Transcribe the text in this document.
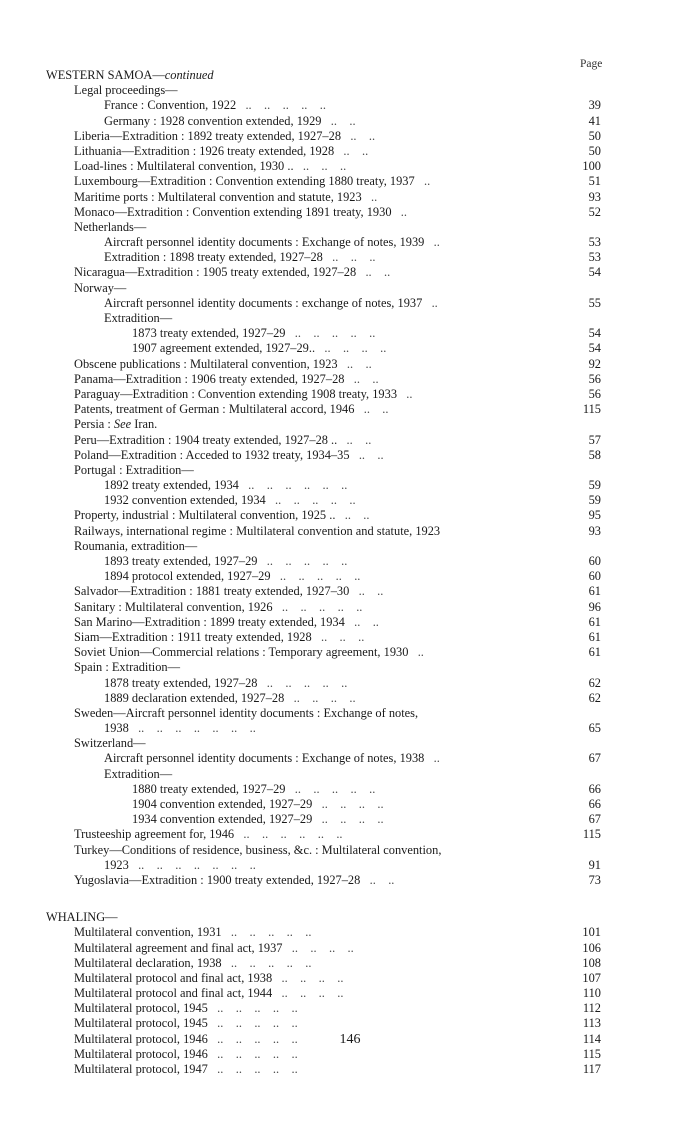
Page
WESTERN SAMOA—continued
Legal proceedings—
France : Convention, 1922   ..    ..    ..    ..    ..	39
Germany : 1928 convention extended, 1929   ..    ..	41
Liberia—Extradition : 1892 treaty extended, 1927–28   ..    ..	50
Lithuania—Extradition : 1926 treaty extended, 1928   ..    ..	50
Load-lines : Multilateral convention, 1930 ..   ..    ..    ..	100
Luxembourg—Extradition : Convention extending 1880 treaty, 1937   ..	51
Maritime ports : Multilateral convention and statute, 1923   ..	93
Monaco—Extradition : Convention extending 1891 treaty, 1930   ..	52
Netherlands—
Aircraft personnel identity documents : Exchange of notes, 1939   ..	53
Extradition : 1898 treaty extended, 1927–28   ..    ..    ..	53
Nicaragua—Extradition : 1905 treaty extended, 1927–28   ..    ..	54
Norway—
Aircraft personnel identity documents : exchange of notes, 1937   ..	55
Extradition—
1873 treaty extended, 1927–29   ..    ..    ..    ..    ..	54
1907 agreement extended, 1927–29..   ..    ..    ..    ..	54
Obscene publications : Multilateral convention, 1923   ..    ..	92
Panama—Extradition : 1906 treaty extended, 1927–28   ..    ..	56
Paraguay—Extradition : Convention extending 1908 treaty, 1933   ..	56
Patents, treatment of German : Multilateral accord, 1946   ..    ..	115
Persia : See Iran.
Peru—Extradition : 1904 treaty extended, 1927–28 ..   ..    ..	57
Poland—Extradition : Acceded to 1932 treaty, 1934–35   ..    ..	58
Portugal : Extradition—
1892 treaty extended, 1934   ..    ..    ..    ..    ..    ..	59
1932 convention extended, 1934   ..    ..    ..    ..    ..	59
Property, industrial : Multilateral convention, 1925 ..   ..    ..	95
Railways, international regime : Multilateral convention and statute, 1923	93
Roumania, extradition—
1893 treaty extended, 1927–29   ..    ..    ..    ..    ..	60
1894 protocol extended, 1927–29   ..    ..    ..    ..    ..	60
Salvador—Extradition : 1881 treaty extended, 1927–30   ..    ..	61
Sanitary : Multilateral convention, 1926   ..    ..    ..    ..    ..	96
San Marino—Extradition : 1899 treaty extended, 1934   ..    ..	61
Siam—Extradition : 1911 treaty extended, 1928   ..    ..    ..	61
Soviet Union—Commercial relations : Temporary agreement, 1930   ..	61
Spain : Extradition—
1878 treaty extended, 1927–28   ..    ..    ..    ..    ..	62
1889 declaration extended, 1927–28   ..    ..    ..    ..	62
Sweden—Aircraft personnel identity documents : Exchange of notes,
1938   ..    ..    ..    ..    ..    ..    ..	65
Switzerland—
Aircraft personnel identity documents : Exchange of notes, 1938   ..	67
Extradition—
1880 treaty extended, 1927–29   ..    ..    ..    ..    ..	66
1904 convention extended, 1927–29   ..    ..    ..    ..	66
1934 convention extended, 1927–29   ..    ..    ..    ..	67
Trusteeship agreement for, 1946   ..    ..    ..    ..    ..    ..	115
Turkey—Conditions of residence, business, &c. : Multilateral convention,
1923   ..    ..    ..    ..    ..    ..    ..	91
Yugoslavia—Extradition : 1900 treaty extended, 1927–28   ..    ..	73
WHALING—
Multilateral convention, 1931   ..    ..    ..    ..    ..	101
Multilateral agreement and final act, 1937   ..    ..    ..    ..	106
Multilateral declaration, 1938   ..    ..    ..    ..    ..	108
Multilateral protocol and final act, 1938   ..    ..    ..    ..	107
Multilateral protocol and final act, 1944   ..    ..    ..    ..	110
Multilateral protocol, 1945   ..    ..    ..    ..    ..	112
Multilateral protocol, 1945   ..    ..    ..    ..    ..	113
Multilateral protocol, 1946   ..    ..    ..    ..    ..	114
Multilateral protocol, 1946   ..    ..    ..    ..    ..	115
Multilateral protocol, 1947   ..    ..    ..    ..    ..	117
146
